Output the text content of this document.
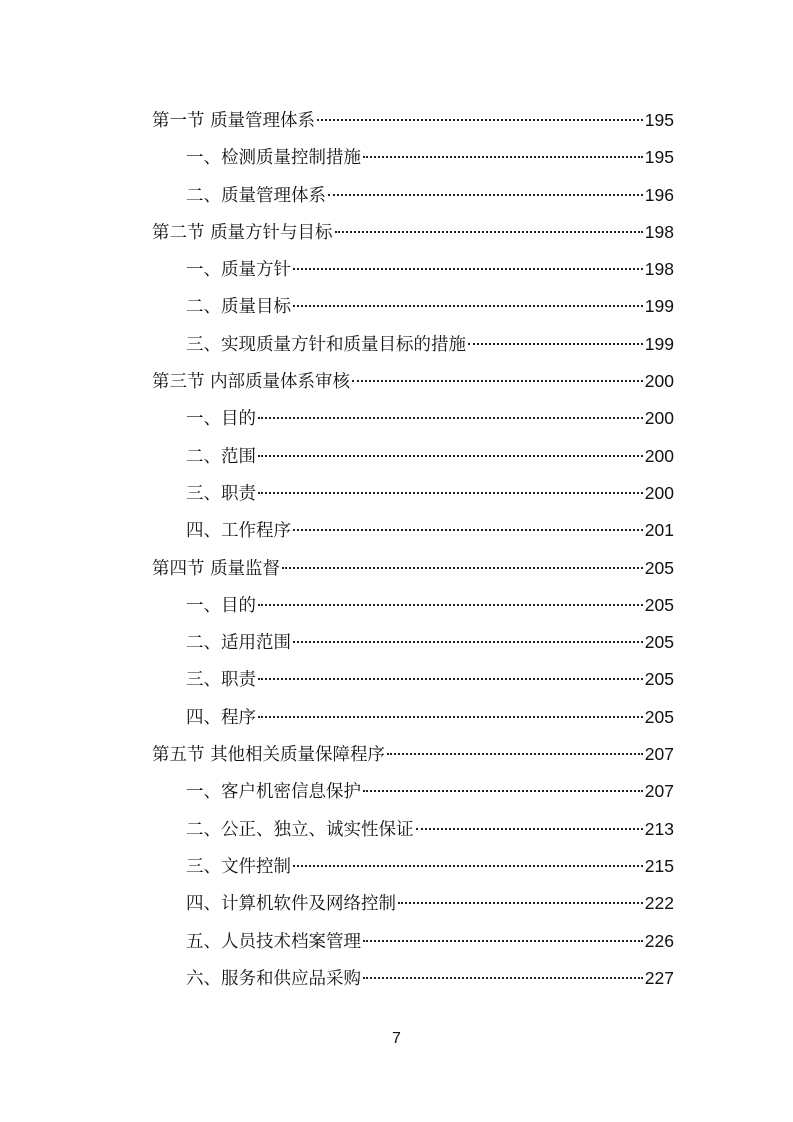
第一节 质量管理体系	195
一、检测质量控制措施	195
二、质量管理体系	196
第二节 质量方针与目标	198
一、质量方针	198
二、质量目标	199
三、实现质量方针和质量目标的措施	199
第三节 内部质量体系审核	200
一、目的	200
二、范围	200
三、职责	200
四、工作程序	201
第四节 质量监督	205
一、目的	205
二、适用范围	205
三、职责	205
四、程序	205
第五节 其他相关质量保障程序	207
一、客户机密信息保护	207
二、公正、独立、诚实性保证	213
三、文件控制	215
四、计算机软件及网络控制	222
五、人员技术档案管理	226
六、服务和供应品采购	227
7
